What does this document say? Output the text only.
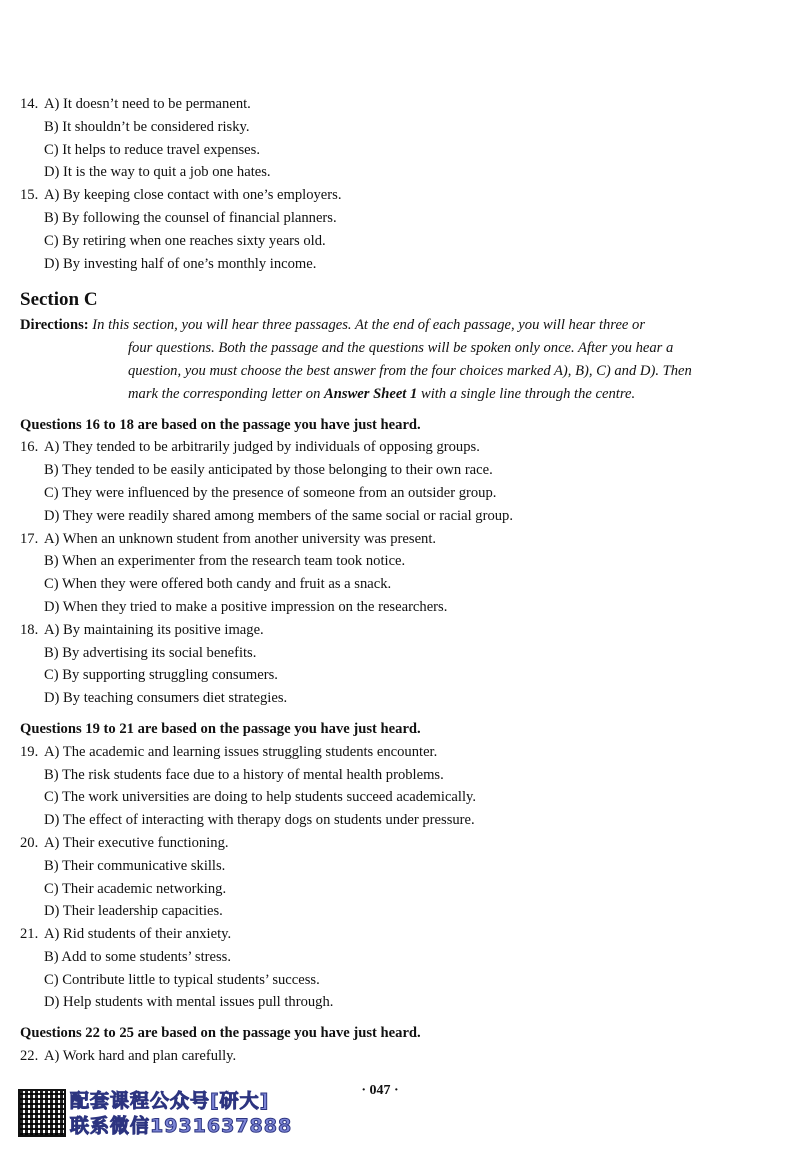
14. A) It doesn’t need to be permanent.
B) It shouldn’t be considered risky.
C) It helps to reduce travel expenses.
D) It is the way to quit a job one hates.
15. A) By keeping close contact with one’s employers.
B) By following the counsel of financial planners.
C) By retiring when one reaches sixty years old.
D) By investing half of one’s monthly income.
Section C
Directions: In this section, you will hear three passages. At the end of each passage, you will hear three or
four questions. Both the passage and the questions will be spoken only once. After you hear a
question, you must choose the best answer from the four choices marked A), B), C) and D). Then
mark the corresponding letter on Answer Sheet 1 with a single line through the centre.
Questions 16 to 18 are based on the passage you have just heard.
16. A) They tended to be arbitrarily judged by individuals of opposing groups.
B) They tended to be easily anticipated by those belonging to their own race.
C) They were influenced by the presence of someone from an outsider group.
D) They were readily shared among members of the same social or racial group.
17. A) When an unknown student from another university was present.
B) When an experimenter from the research team took notice.
C) When they were offered both candy and fruit as a snack.
D) When they tried to make a positive impression on the researchers.
18. A) By maintaining its positive image.
B) By advertising its social benefits.
C) By supporting struggling consumers.
D) By teaching consumers diet strategies.
Questions 19 to 21 are based on the passage you have just heard.
19. A) The academic and learning issues struggling students encounter.
B) The risk students face due to a history of mental health problems.
C) The work universities are doing to help students succeed academically.
D) The effect of interacting with therapy dogs on students under pressure.
20. A) Their executive functioning.
B) Their communicative skills.
C) Their academic networking.
D) Their leadership capacities.
21. A) Rid students of their anxiety.
B) Add to some students’ stress.
C) Contribute little to typical students’ success.
D) Help students with mental issues pull through.
Questions 22 to 25 are based on the passage you have just heard.
22. A) Work hard and plan carefully.
· 047 ·
配套课程公众号[研大]
联系微信1931637888
